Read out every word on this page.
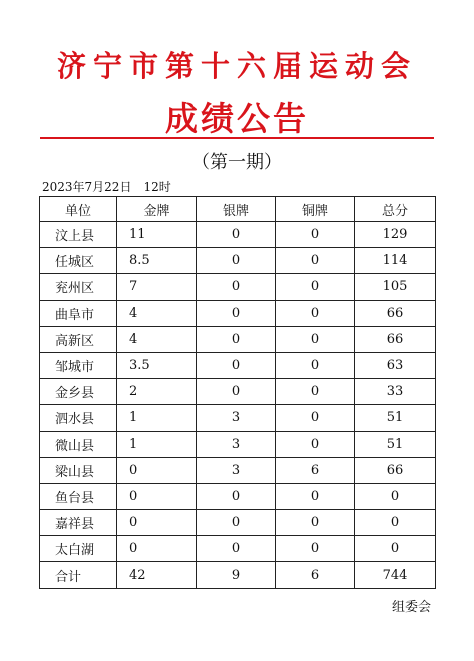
济宁市第十六届运动会
成绩公告
（第一期）
2023年7月22日 12时
单位	金牌	银牌	铜牌	总分
汶上县	11	0	0	129
任城区	8.5	0	0	114
兖州区	7	0	0	105
曲阜市	4	0	0	66
高新区	4	0	0	66
邹城市	3.5	0	0	63
金乡县	2	0	0	33
泗水县	1	3	0	51
微山县	1	3	0	51
梁山县	0	3	6	66
鱼台县	0	0	0	0
嘉祥县	0	0	0	0
太白湖	0	0	0	0
合计	42	9	6	744
组委会
